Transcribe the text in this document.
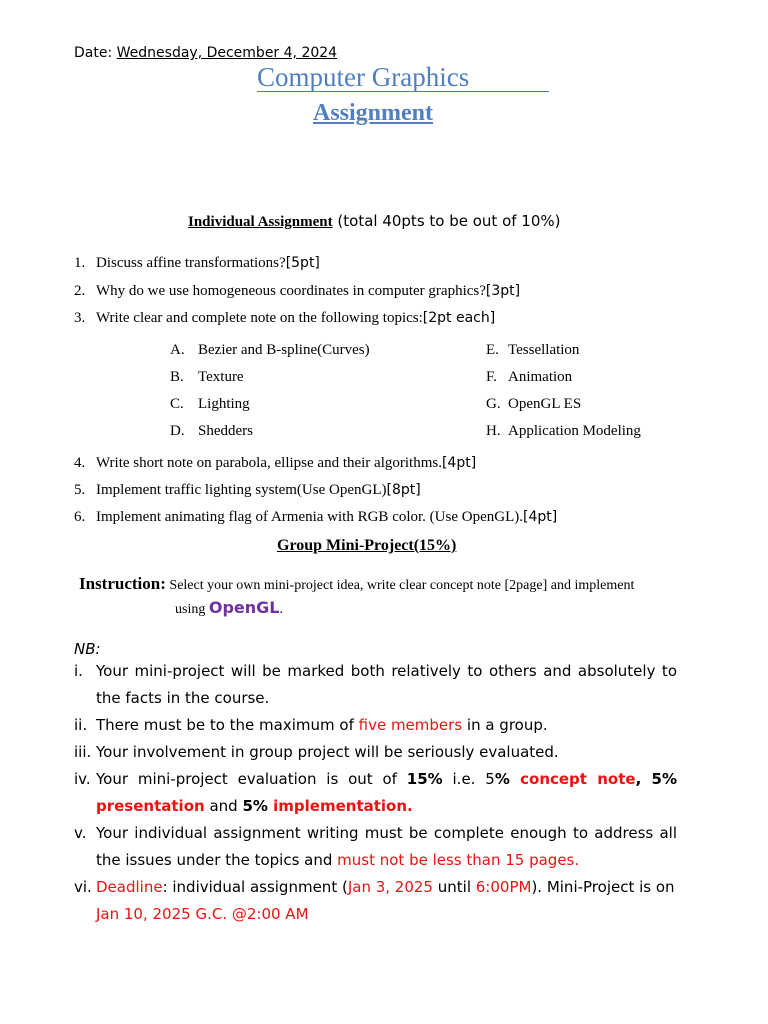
Date: Wednesday, December 4, 2024
Computer Graphics
Assignment
Individual Assignment (total 40pts to be out of 10%)
1. Discuss affine transformations?[5pt]
2. Why do we use homogeneous coordinates in computer graphics?[3pt]
3. Write clear and complete note on the following topics:[2pt each]
A. Bezier and B-spline(Curves)
B. Texture
C. Lighting
D. Shedders
E. Tessellation
F. Animation
G. OpenGL ES
H. Application Modeling
4. Write short note on parabola, ellipse and their algorithms.[4pt]
5. Implement traffic lighting system(Use OpenGL)[8pt]
6. Implement animating flag of Armenia with RGB color. (Use OpenGL).[4pt]
Group Mini-Project(15%)
Instruction: Select your own mini-project idea, write clear concept note [2page] and implement
using OpenGL.
NB:
i. Your mini-project will be marked both relatively to others and absolutely to the facts in the course.
ii. There must be to the maximum of five members in a group.
iii. Your involvement in group project will be seriously evaluated.
iv. Your mini-project evaluation is out of 15% i.e. 5% concept note, 5% presentation and 5% implementation.
v. Your individual assignment writing must be complete enough to address all the issues under the topics and must not be less than 15 pages.
vi. Deadline: individual assignment (Jan 3, 2025 until 6:00PM). Mini-Project is on Jan 10, 2025 G.C. @2:00 AM
